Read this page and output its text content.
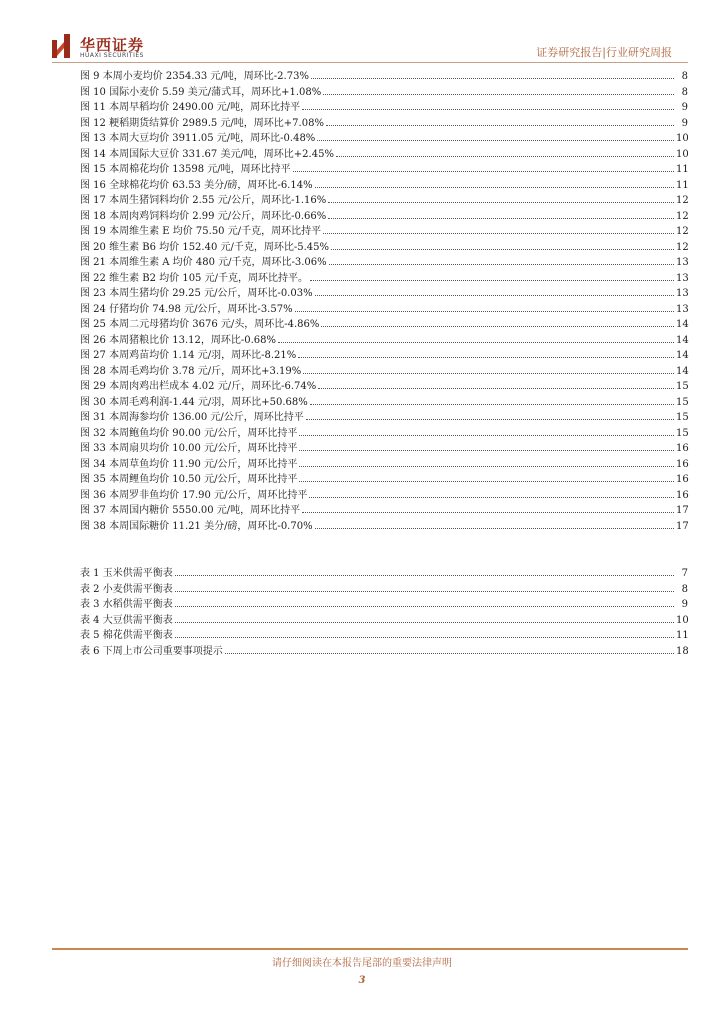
华西证券
HUAXI SECURITIES	证券研究报告|行业研究周报
图 9 本周小麦均价 2354.33 元/吨，周环比-2.73%	8
图 10 国际小麦价 5.59 美元/蒲式耳，周环比+1.08%	8
图 11 本周早稻均价 2490.00 元/吨，周环比持平	9
图 12 粳稻期货结算价 2989.5 元/吨，周环比+7.08%	9
图 13 本周大豆均价 3911.05 元/吨，周环比-0.48%	10
图 14 本周国际大豆价 331.67 美元/吨，周环比+2.45%	10
图 15 本周棉花均价 13598 元/吨，周环比持平	11
图 16 全球棉花均价 63.53 美分/磅，周环比-6.14%	11
图 17 本周生猪饲料均价 2.55 元/公斤，周环比-1.16%	12
图 18 本周肉鸡饲料均价 2.99 元/公斤，周环比-0.66%	12
图 19 本周维生素 E 均价 75.50 元/千克，周环比持平	12
图 20 维生素 B6 均价 152.40 元/千克，周环比-5.45%	12
图 21 本周维生素 A 均价 480 元/千克，周环比-3.06%	13
图 22 维生素 B2 均价 105 元/千克，周环比持平。	13
图 23 本周生猪均价 29.25 元/公斤，周环比-0.03%	13
图 24 仔猪均价 74.98 元/公斤，周环比-3.57%	13
图 25 本周二元母猪均价 3676 元/头，周环比-4.86%	14
图 26 本周猪粮比价 13.12，周环比-0.68%	14
图 27 本周鸡苗均价 1.14 元/羽，周环比-8.21%	14
图 28 本周毛鸡均价 3.78 元/斤，周环比+3.19%	14
图 29 本周肉鸡出栏成本 4.02 元/斤，周环比-6.74%	15
图 30 本周毛鸡利润-1.44 元/羽，周环比+50.68%	15
图 31 本周海参均价 136.00 元/公斤，周环比持平	15
图 32 本周鲍鱼均价 90.00 元/公斤，周环比持平	15
图 33 本周扇贝均价 10.00 元/公斤，周环比持平	16
图 34 本周草鱼均价 11.90 元/公斤，周环比持平	16
图 35 本周鲤鱼均价 10.50 元/公斤，周环比持平	16
图 36 本周罗非鱼均价 17.90 元/公斤，周环比持平	16
图 37 本周国内糖价 5550.00 元/吨，周环比持平	17
图 38 本周国际糖价 11.21 美分/磅，周环比-0.70%	17
表 1 玉米供需平衡表	7
表 2 小麦供需平衡表	8
表 3 水稻供需平衡表	9
表 4 大豆供需平衡表	10
表 5 棉花供需平衡表	11
表 6 下周上市公司重要事项提示	18
请仔细阅读在本报告尾部的重要法律声明
3
